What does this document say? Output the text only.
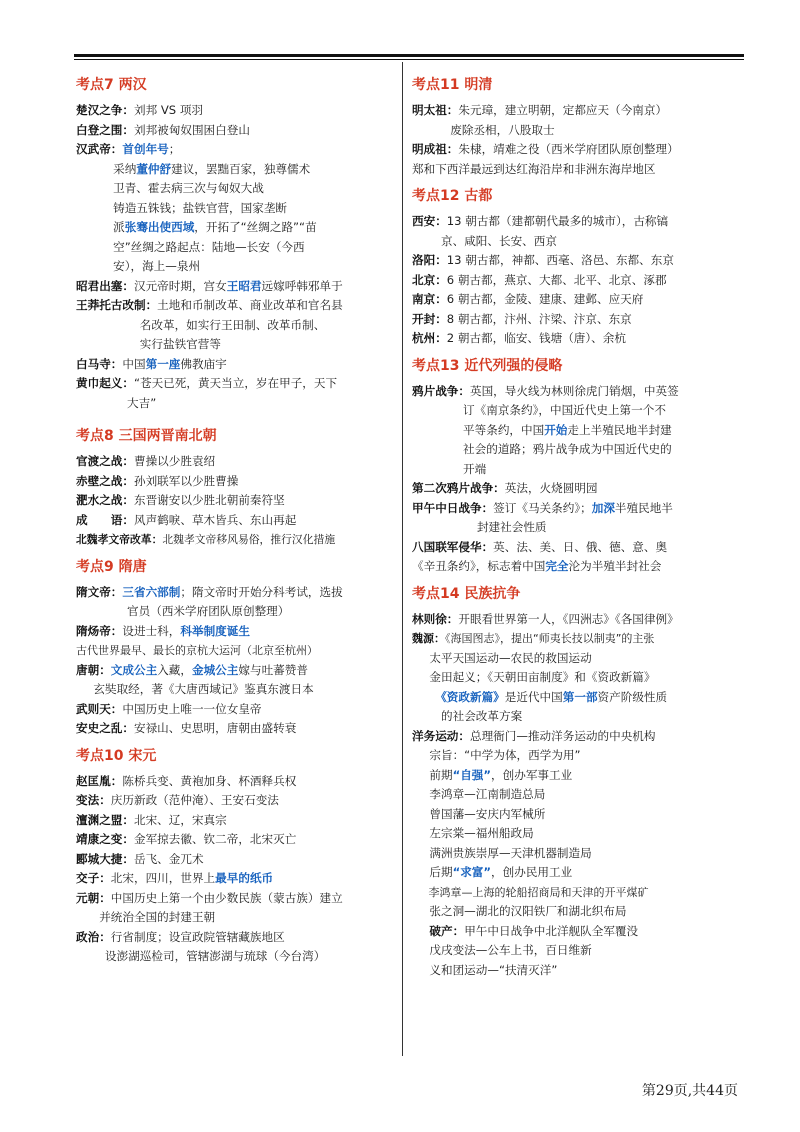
考点7 两汉
楚汉之争：刘邦 VS 项羽
白登之围：刘邦被匈奴围困白登山
汉武帝：首创年号；
采纳董仲舒建议，罢黜百家，独尊儒术
卫青、霍去病三次与匈奴大战
铸造五铢钱；盐铁官营，国家垄断
派张骞出使西域，开拓了“丝绸之路”“苗
空”丝绸之路起点：陆地—长安（今西
安），海上—泉州
昭君出塞：汉元帝时期，宫女王昭君远嫁呼韩邪单于
王莽托古改制：土地和币制改革、商业改革和官名县
名改革，如实行王田制、改革币制、
实行盐铁官营等
白马寺：中国第一座佛教庙宇
黄巾起义：“苍天已死，黄天当立，岁在甲子，天下
大吉”
考点8 三国两晋南北朝
官渡之战：曹操以少胜袁绍
赤壁之战：孙刘联军以少胜曹操
淝水之战：东晋谢安以少胜北朝前秦符坚
成　　语：风声鹤唳、草木皆兵、东山再起
北魏孝文帝改革：北魏孝文帝移风易俗，推行汉化措施
考点9 隋唐
隋文帝：三省六部制；隋文帝时开始分科考试，选拔
官员（西米学府团队原创整理）
隋炀帝：设进士科，科举制度诞生
古代世界最早、最长的京杭大运河（北京至杭州）
唐朝：文成公主入藏，金城公主嫁与吐蕃赞普
玄奘取经，著《大唐西域记》鉴真东渡日本
武则天：中国历史上唯一一位女皇帝
安史之乱：安禄山、史思明，唐朝由盛转衰
考点10 宋元
赵匡胤：陈桥兵变、黄袍加身、杯酒释兵权
变法：庆历新政（范仲淹）、王安石变法
澶渊之盟：北宋、辽，宋真宗
靖康之变：金军掠去徽、钦二帝，北宋灭亡
郾城大捷：岳飞、金兀术
交子：北宋，四川，世界上最早的纸币
元朝：中国历史上第一个由少数民族（蒙古族）建立
并统治全国的封建王朝
政治：行省制度；设宣政院管辖藏族地区
设澎湖巡检司，管辖澎湖与琉球（今台湾）
考点11 明清
明太祖：朱元璋，建立明朝，定都应天（今南京）
废除丞相，八股取士
明成祖：朱棣，靖难之役（西米学府团队原创整理）
郑和下西洋最远到达红海沿岸和非洲东海岸地区
考点12 古都
西安：13 朝古都（建都朝代最多的城市），古称镐
京、咸阳、长安、西京
洛阳：13 朝古都，神都、西毫、洛邑、东都、东京
北京：6 朝古都，燕京、大都、北平、北京、涿郡
南京：6 朝古都，金陵、建康、建邺、应天府
开封：8 朝古都，汴州、汴梁、汴京、东京
杭州：2 朝古都，临安、钱塘（唐）、余杭
考点13 近代列强的侵略
鸦片战争：英国，导火线为林则徐虎门销烟，中英签
订《南京条约》，中国近代史上第一个不
平等条约，中国开始走上半殖民地半封建
社会的道路；鸦片战争成为中国近代史的
开端
第二次鸦片战争：英法，火烧圆明园
甲午中日战争：签订《马关条约》；加深半殖民地半
封建社会性质
八国联军侵华：英、法、美、日、俄、德、意、奥
《辛丑条约》，标志着中国完全沦为半殖半封社会
考点14 民族抗争
林则徐：开眼看世界第一人，《四洲志》《各国律例》
魏源：《海国图志》，提出“师夷长技以制夷”的主张
太平天国运动—农民的救国运动
金田起义；《天朝田亩制度》和《资政新篇》
《资政新篇》是近代中国第一部资产阶级性质
的社会改革方案
洋务运动：总理衙门—推动洋务运动的中央机构
宗旨：“中学为体，西学为用”
前期“自强”，创办军事工业
李鸿章—江南制造总局
曾国藩—安庆内军械所
左宗棠—福州船政局
满洲贵族崇厚—天津机器制造局
后期“求富”，创办民用工业
李鸿章—上海的轮船招商局和天津的开平煤矿
张之洞—湖北的汉阳铁厂和湖北织布局
破产：甲午中日战争中北洋舰队全军覆没
戊戌变法—公车上书，百日维新
义和团运动—“扶清灭洋”
第29页,共44页
